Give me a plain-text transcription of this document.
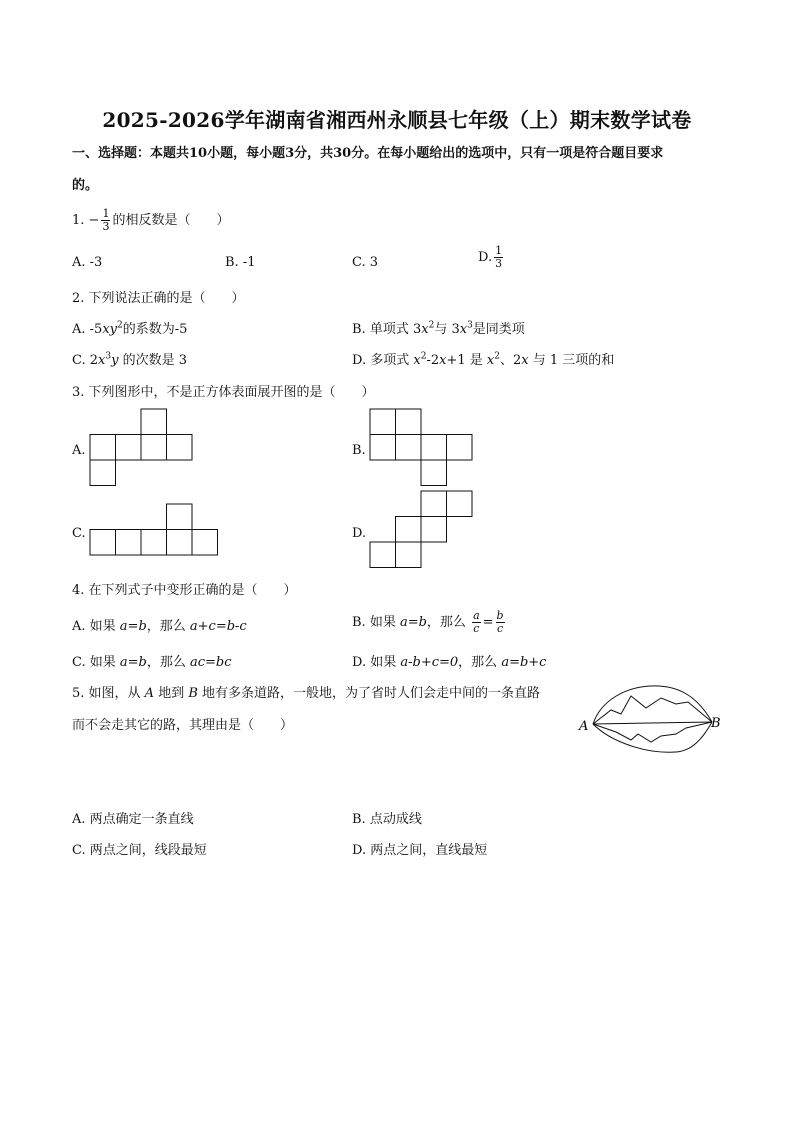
2025-2026学年湖南省湘西州永顺县七年级（上）期末数学试卷
一、选择题：本题共10小题，每小题3分，共30分。在每小题给出的选项中，只有一项是符合题目要求
的。
1. − $\frac{1}{3}$ 的相反数是（　　）
A. -3	B. -1	C. 3	D. $\frac{1}{3}$
2. 下列说法正确的是（　　）
A. $-5xy^2$的系数为-5	B. 单项式 $3x^2$与 $3x^3$是同类项
C. $2x^3y$ 的次数是 3	D. 多项式 $x^2-2x+1$ 是 $x^2$、2x 与 1 三项的和
3. 下列图形中，不是正方体表面展开图的是（　　）
A.	B.
C.	D.
4. 在下列式子中变形正确的是（　　）
A. 如果 a=b，那么 a+c=b-c	B. 如果 a=b，那么 $\frac{a}{c} = \frac{b}{c}$
C. 如果 a=b，那么 ac=bc	D. 如果 a-b+c=0，那么 a=b+c
5. 如图，从 A 地到 B 地有多条道路，一般地，为了省时人们会走中间的一条直路
而不会走其它的路，其理由是（　　）	A	B
A. 两点确定一条直线	B. 点动成线
C. 两点之间，线段最短	D. 两点之间，直线最短
